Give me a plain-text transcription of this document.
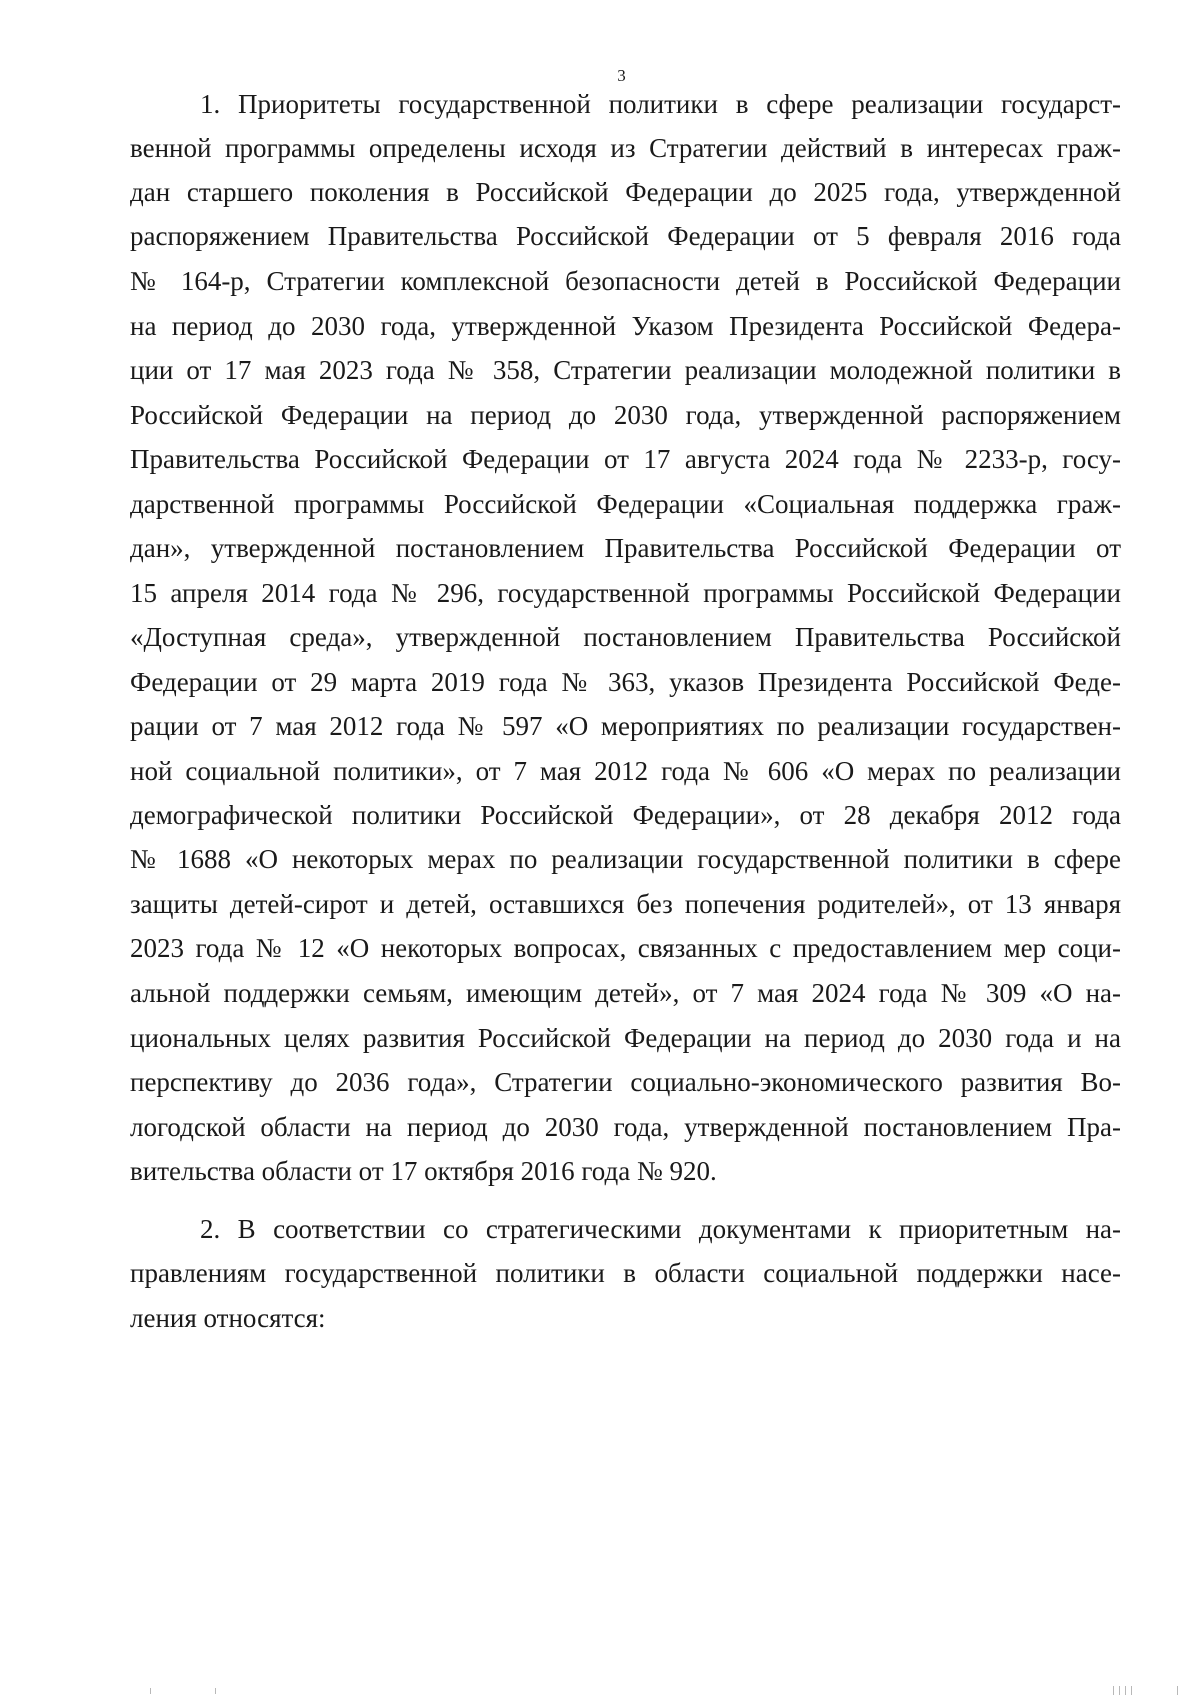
3
1. Приоритеты государственной политики в сфере реализации государст-
венной программы определены исходя из Стратегии действий в интересах граж-
дан старшего поколения в Российской Федерации до 2025 года, утвержденной
распоряжением Правительства Российской Федерации от 5 февраля 2016 года
№ 164-р, Стратегии комплексной безопасности детей в Российской Федерации
на период до 2030 года, утвержденной Указом Президента Российской Федера-
ции от 17 мая 2023 года № 358, Стратегии реализации молодежной политики в
Российской Федерации на период до 2030 года, утвержденной распоряжением
Правительства Российской Федерации от 17 августа 2024 года № 2233-р, госу-
дарственной программы Российской Федерации «Социальная поддержка граж-
дан», утвержденной постановлением Правительства Российской Федерации от
15 апреля 2014 года № 296, государственной программы Российской Федерации
«Доступная среда», утвержденной постановлением Правительства Российской
Федерации от 29 марта 2019 года № 363, указов Президента Российской Феде-
рации от 7 мая 2012 года № 597 «О мероприятиях по реализации государствен-
ной социальной политики», от 7 мая 2012 года № 606 «О мерах по реализации
демографической политики Российской Федерации», от 28 декабря 2012 года
№ 1688 «О некоторых мерах по реализации государственной политики в сфере
защиты детей-сирот и детей, оставшихся без попечения родителей», от 13 января
2023 года № 12 «О некоторых вопросах, связанных с предоставлением мер соци-
альной поддержки семьям, имеющим детей», от 7 мая 2024 года № 309 «О на-
циональных целях развития Российской Федерации на период до 2030 года и на
перспективу до 2036 года», Стратегии социально-экономического развития Во-
логодской области на период до 2030 года, утвержденной постановлением Пра-
вительства области от 17 октября 2016 года № 920.
2. В соответствии со стратегическими документами к приоритетным на-
правлениям государственной политики в области социальной поддержки насе-
ления относятся:
